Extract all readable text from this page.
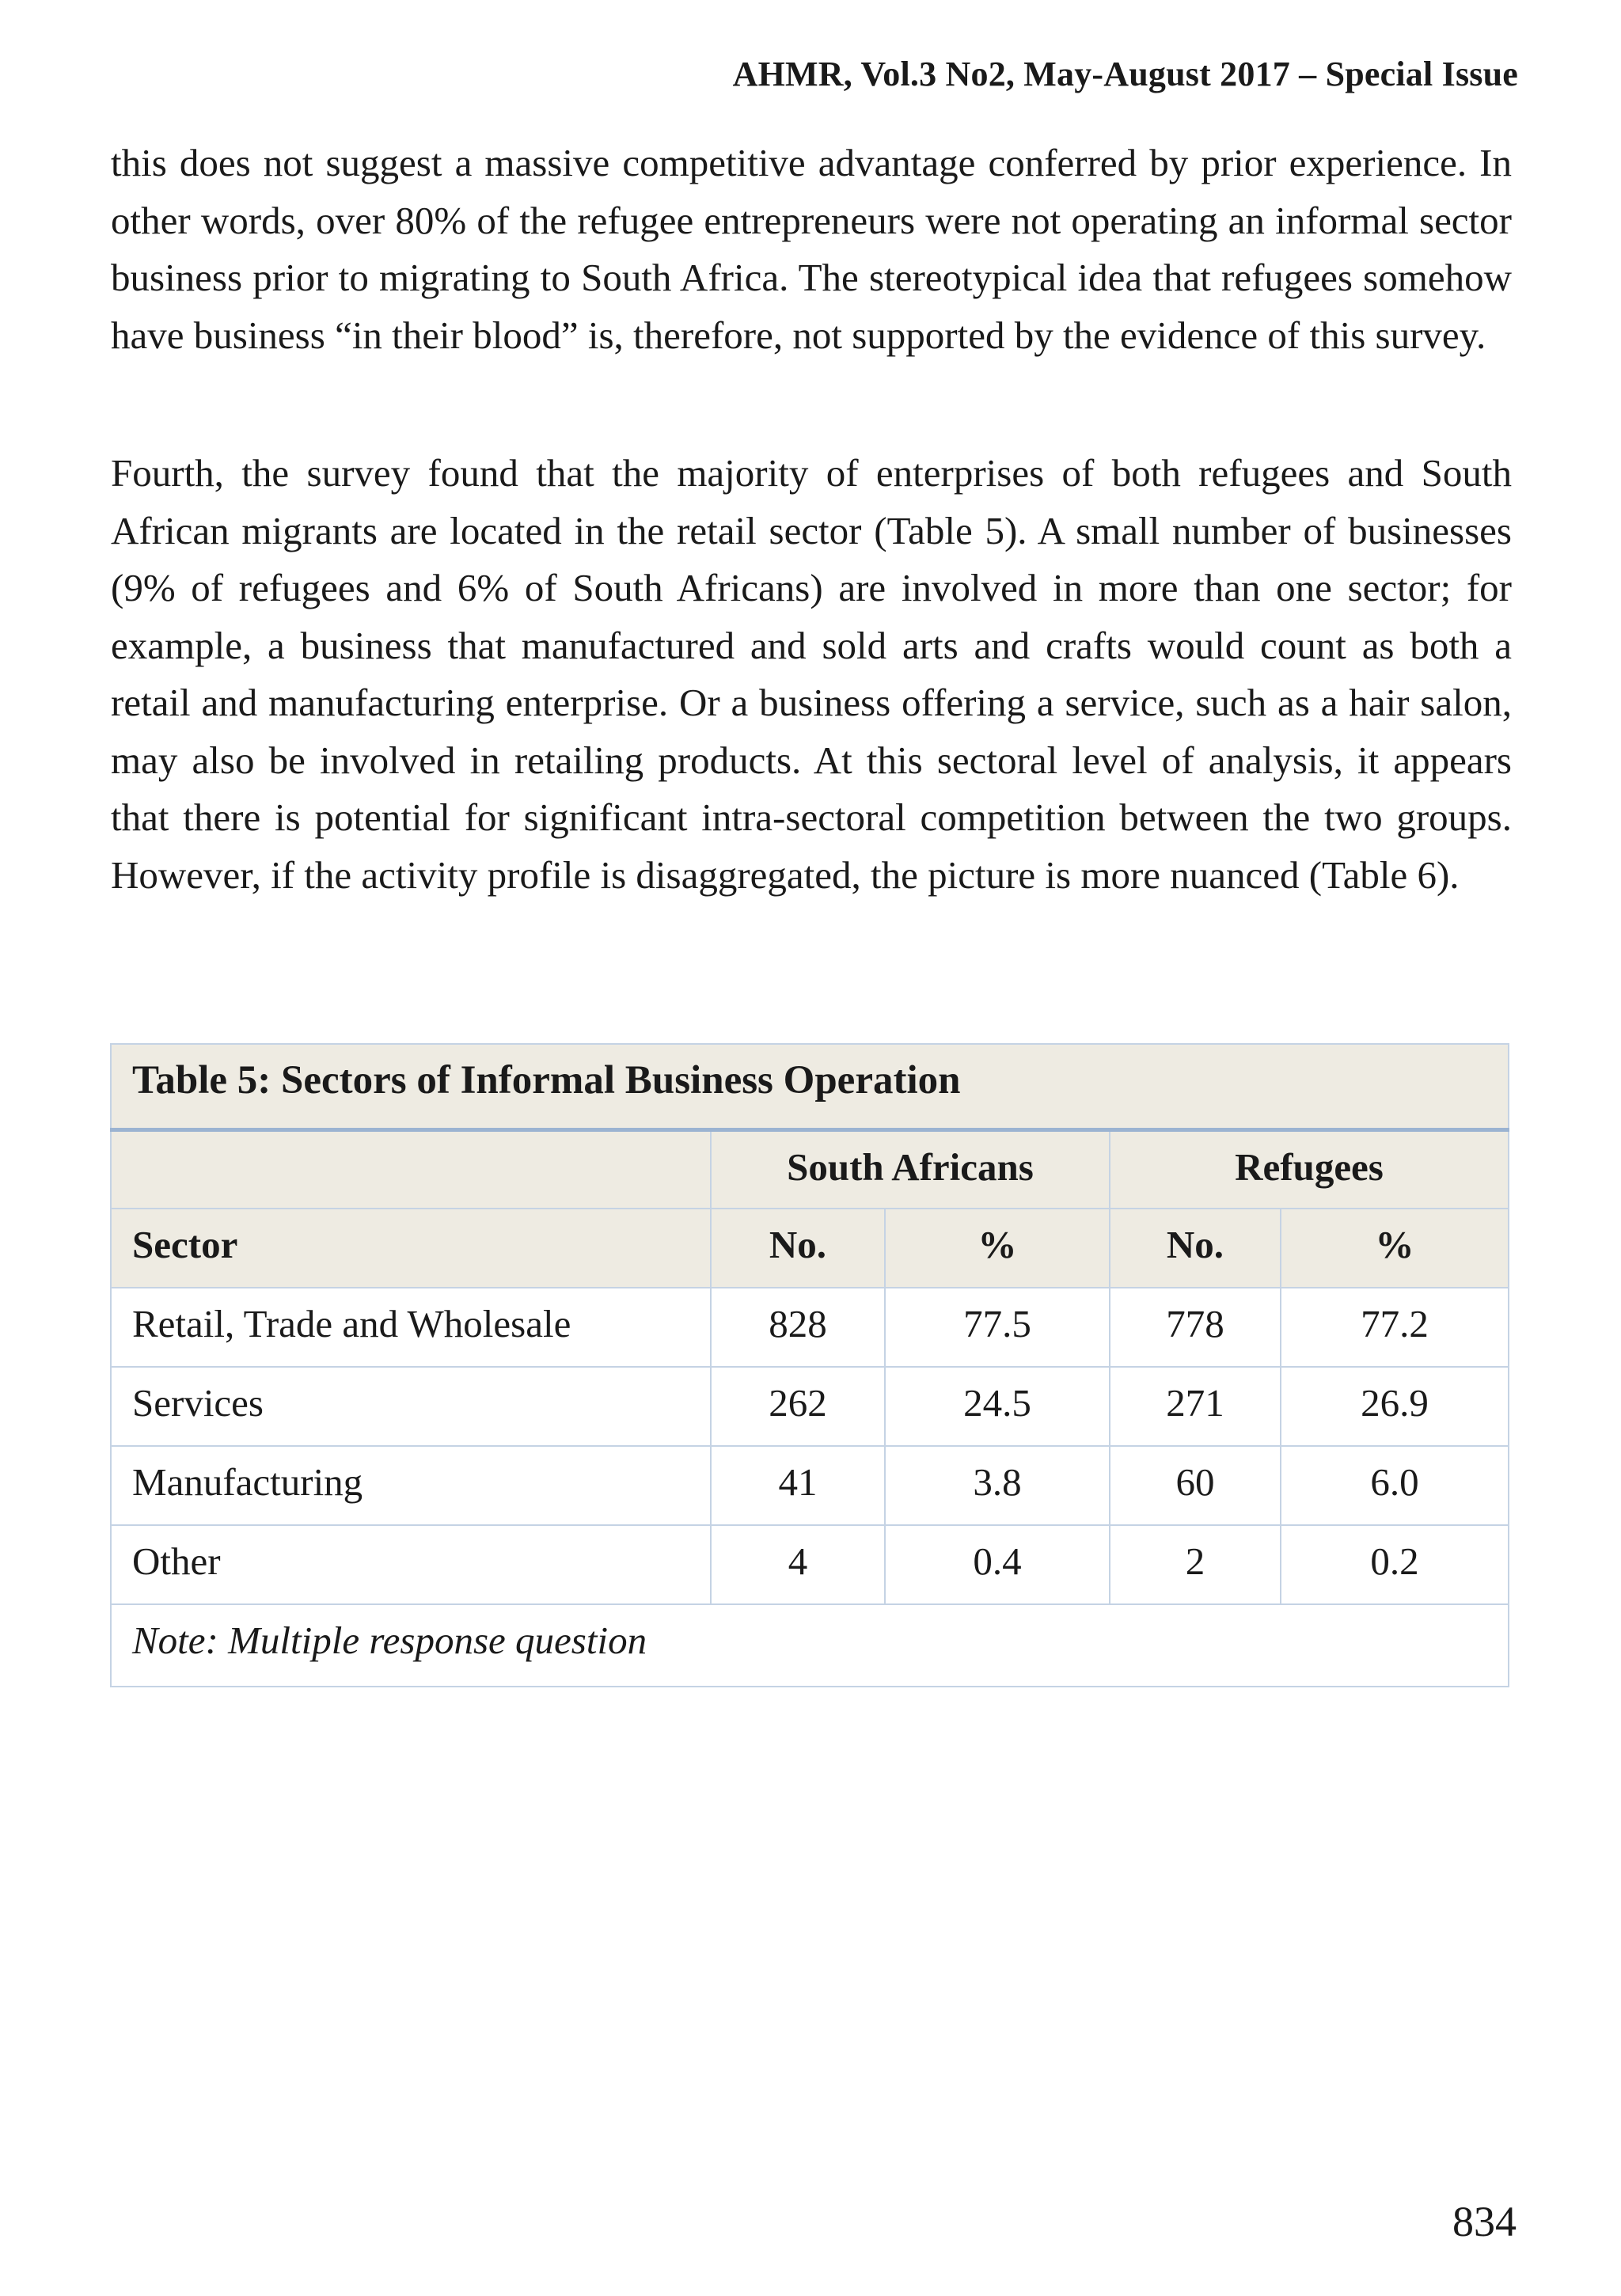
AHMR, Vol.3 No2, May-August 2017 – Special Issue

this does not suggest a massive competitive advantage conferred by prior experience. In other words, over 80% of the refugee entrepreneurs were not operating an informal sector business prior to migrating to South Africa. The stereotypical idea that refugees somehow have business “in their blood” is, therefore, not supported by the evidence of this survey.

Fourth, the survey found that the majority of enterprises of both refugees and South African migrants are located in the retail sector (Table 5). A small number of businesses (9% of refugees and 6% of South Africans) are involved in more than one sector; for example, a business that manufactured and sold arts and crafts would count as both a retail and manufacturing enterprise. Or a business offering a service, such as a hair salon, may also be involved in retailing products. At this sectoral level of analysis, it appears that there is potential for significant intra-sectoral competition between the two groups. However, if the activity profile is disaggregated, the picture is more nuanced (Table 6).

Table 5: Sectors of Informal Business Operation				
	South Africans		Refugees	
Sector	No.	%	No.	%
Retail, Trade and Wholesale	828	77.5	778	77.2
Services	262	24.5	271	26.9
Manufacturing	41	3.8	60	6.0
Other	4	0.4	2	0.2
Note: Multiple response question				
834
